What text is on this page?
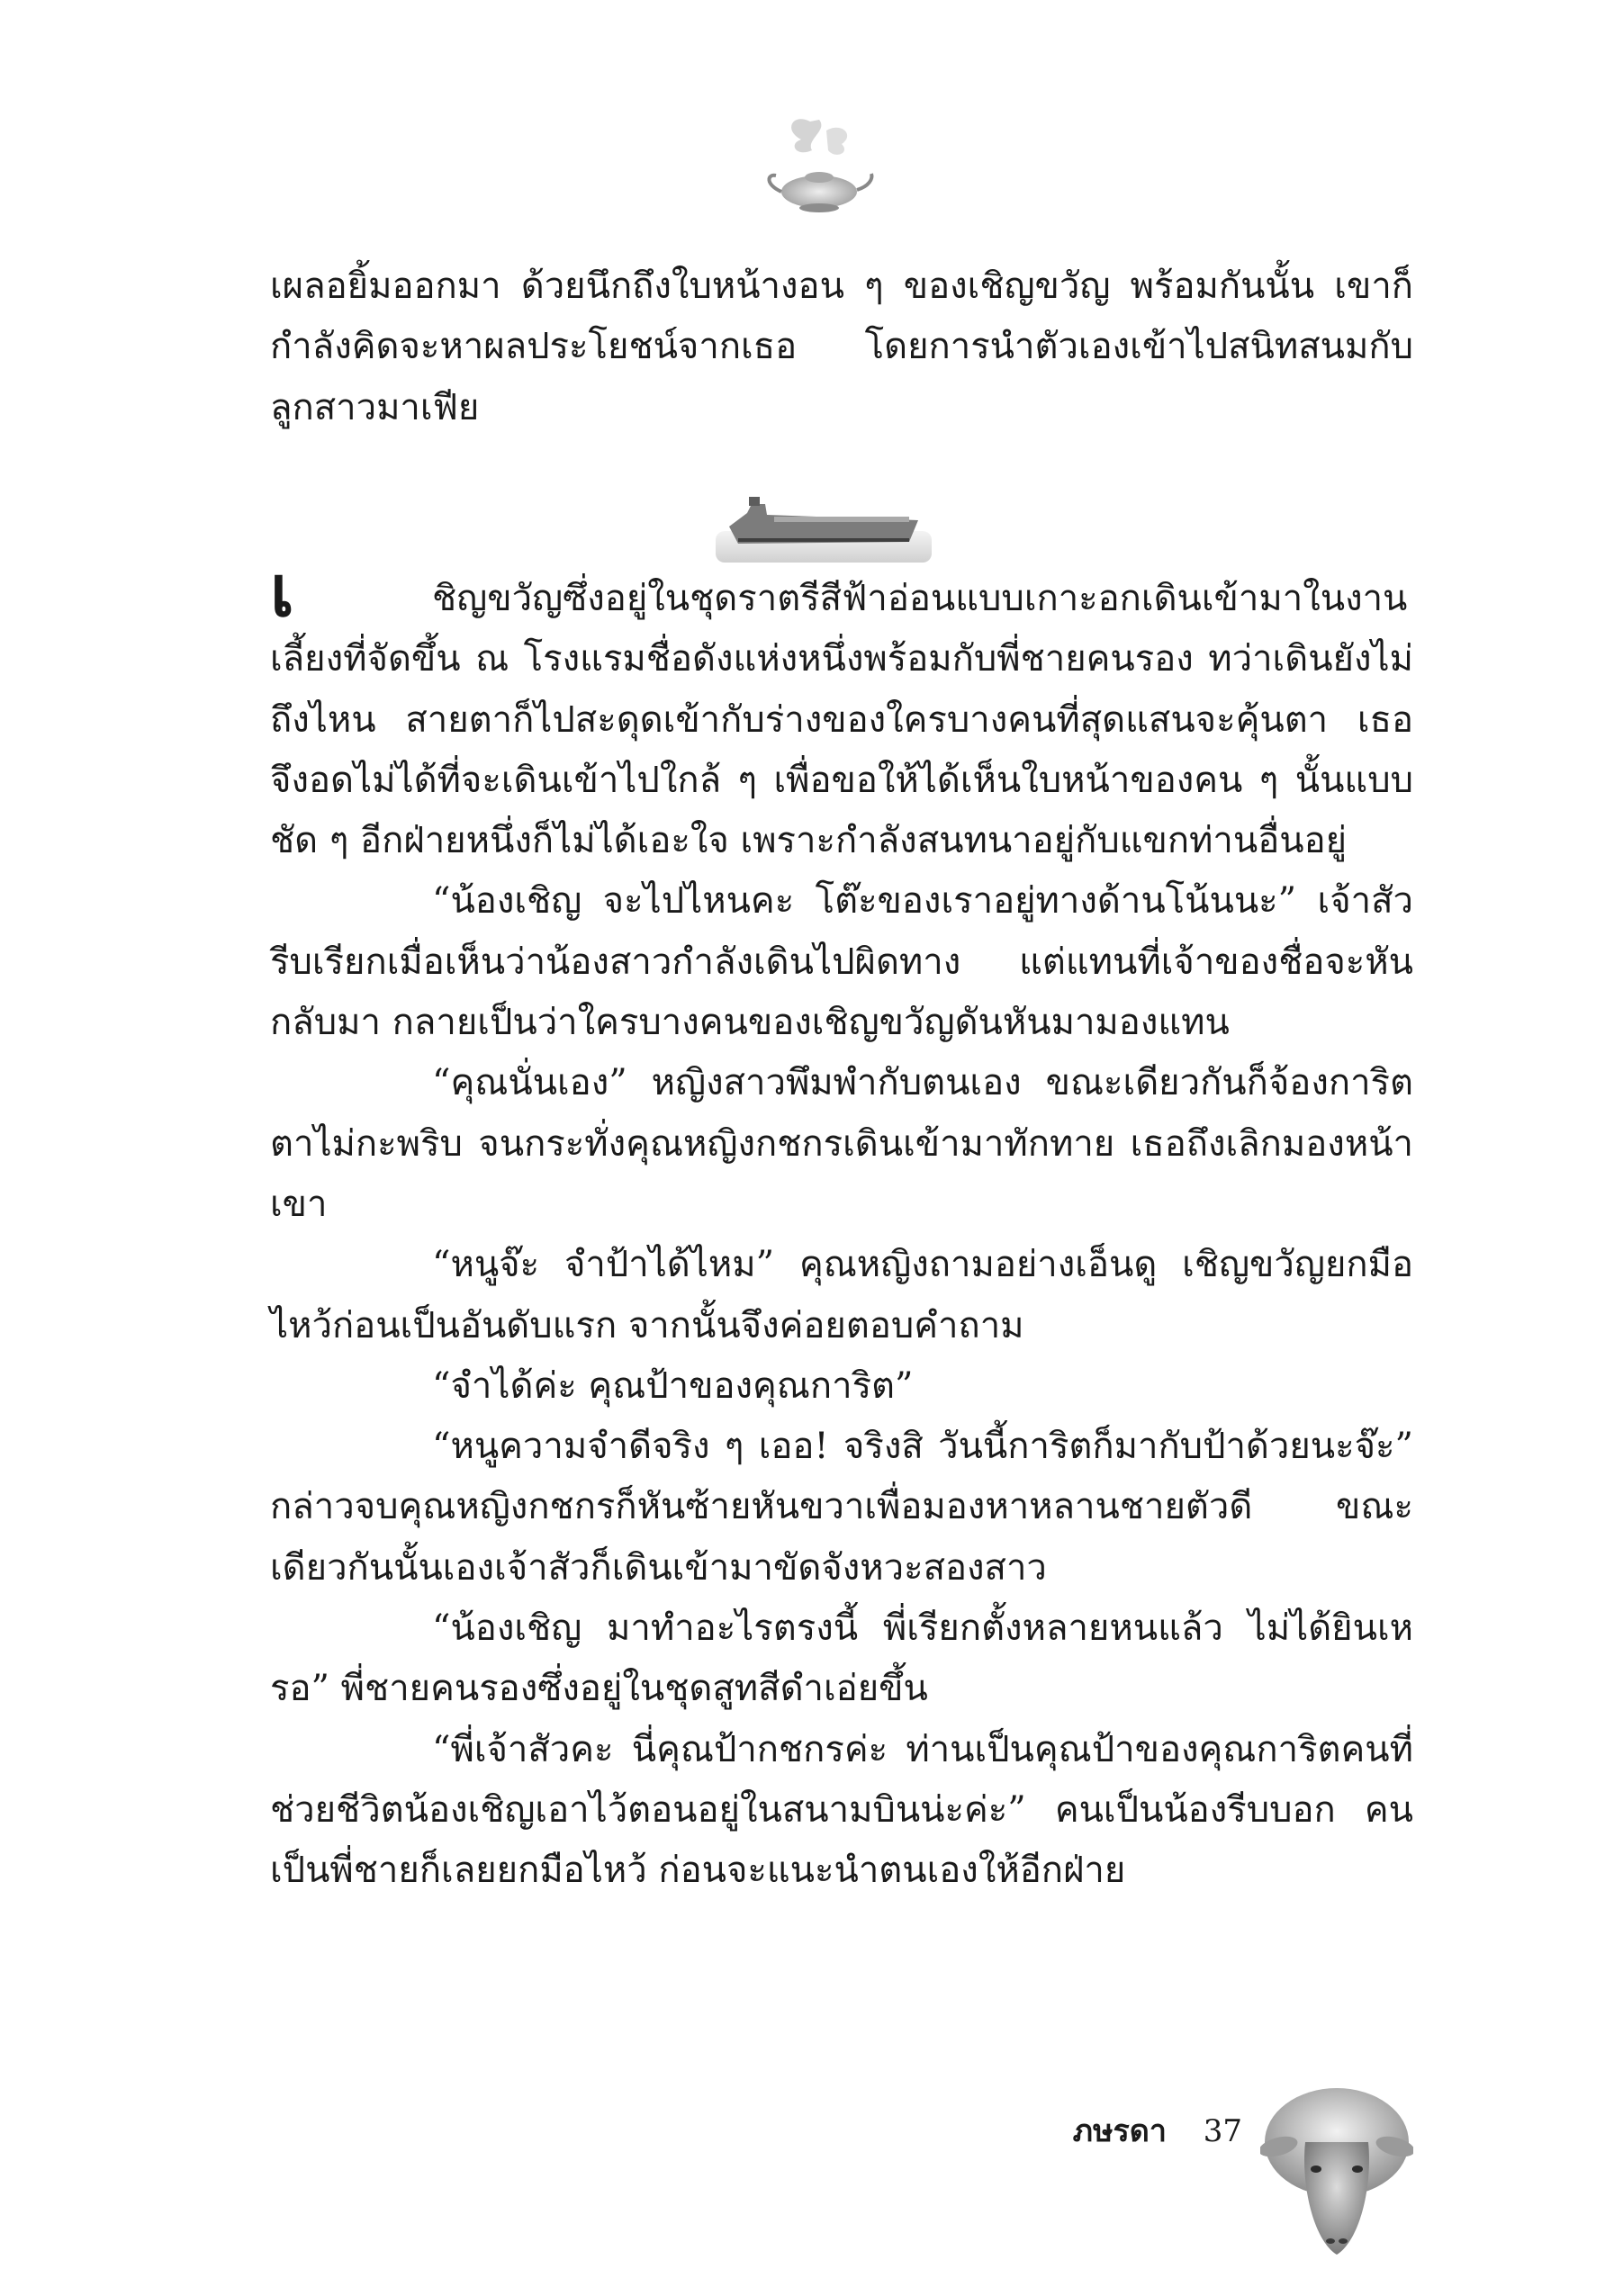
เผลอยิ้มออกมา ด้วยนึกถึงใบหน้างอน ๆ ของเชิญขวัญ พร้อมกันนั้น เขาก็กำลังคิดจะหาผลประโยชน์จากเธอ โดยการนำตัวเองเข้าไปสนิทสนมกับลูกสาวมาเฟีย

เ	ชิญขวัญซึ่งอยู่ในชุดราตรีสีฟ้าอ่อนแบบเกาะอกเดินเข้ามาในงานเลี้ยงที่จัดขึ้น ณ โรงแรมชื่อดังแห่งหนึ่งพร้อมกับพี่ชายคนรอง ทว่าเดินยังไม่ถึงไหน สายตาก็ไปสะดุดเข้ากับร่างของใครบางคนที่สุดแสนจะคุ้นตา เธอจึงอดไม่ได้ที่จะเดินเข้าไปใกล้ ๆ เพื่อขอให้ได้เห็นใบหน้าของคน ๆ นั้นแบบชัด ๆ อีกฝ่ายหนึ่งก็ไม่ได้เอะใจ เพราะกำลังสนทนาอยู่กับแขกท่านอื่นอยู่

“น้องเชิญ จะไปไหนคะ โต๊ะของเราอยู่ทางด้านโน้นนะ” เจ้าสัวรีบเรียกเมื่อเห็นว่าน้องสาวกำลังเดินไปผิดทาง แต่แทนที่เจ้าของชื่อจะหันกลับมา กลายเป็นว่าใครบางคนของเชิญขวัญดันหันมามองแทน

“คุณนั่นเอง” หญิงสาวพึมพำกับตนเอง ขณะเดียวกันก็จ้องการิตตาไม่กะพริบ จนกระทั่งคุณหญิงกชกรเดินเข้ามาทักทาย เธอถึงเลิกมองหน้าเขา

“หนูจ๊ะ จำป้าได้ไหม” คุณหญิงถามอย่างเอ็นดู เชิญขวัญยกมือไหว้ก่อนเป็นอันดับแรก จากนั้นจึงค่อยตอบคำถาม

“จำได้ค่ะ คุณป้าของคุณการิต”

“หนูความจำดีจริง ๆ เออ! จริงสิ วันนี้การิตก็มากับป้าด้วยนะจ๊ะ” กล่าวจบคุณหญิงกชกรก็หันซ้ายหันขวาเพื่อมองหาหลานชายตัวดี ขณะเดียวกันนั้นเองเจ้าสัวก็เดินเข้ามาขัดจังหวะสองสาว

“น้องเชิญ มาทำอะไรตรงนี้ พี่เรียกตั้งหลายหนแล้ว ไม่ได้ยินเหรอ” พี่ชายคนรองซึ่งอยู่ในชุดสูทสีดำเอ่ยขึ้น

“พี่เจ้าสัวคะ นี่คุณป้ากชกรค่ะ ท่านเป็นคุณป้าของคุณการิตคนที่ช่วยชีวิตน้องเชิญเอาไว้ตอนอยู่ในสนามบินน่ะค่ะ” คนเป็นน้องรีบบอก คนเป็นพี่ชายก็เลยยกมือไหว้ ก่อนจะแนะนำตนเองให้อีกฝ่าย

ภษรดา 37
